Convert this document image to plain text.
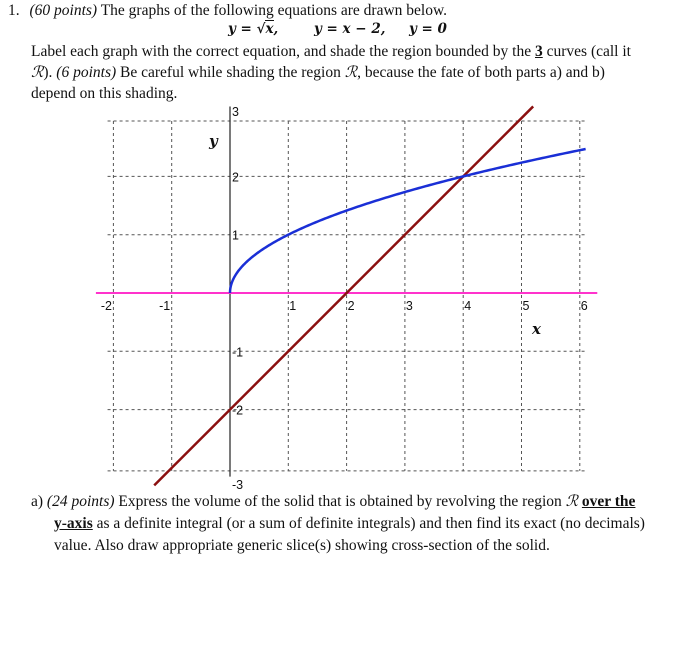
1. (60 points) The graphs of the following equations are drawn below.
y = √x,	y = x − 2, y = 0
Label each graph with the correct equation, and shade the region bounded by the 3 curves (call it
ℛ). (6 points) Be careful while shading the region ℛ, because the fate of both parts a) and b)
depend on this shading.
-2	-1	1	2	3	4	5	6
3
2
1
-1
-2
-3
y
x
a) (24 points) Express the volume of the solid that is obtained by revolving the region ℛ over the
y-axis as a definite integral (or a sum of definite integrals) and then find its exact (no decimals)
value. Also draw appropriate generic slice(s) showing cross-section of the solid.
